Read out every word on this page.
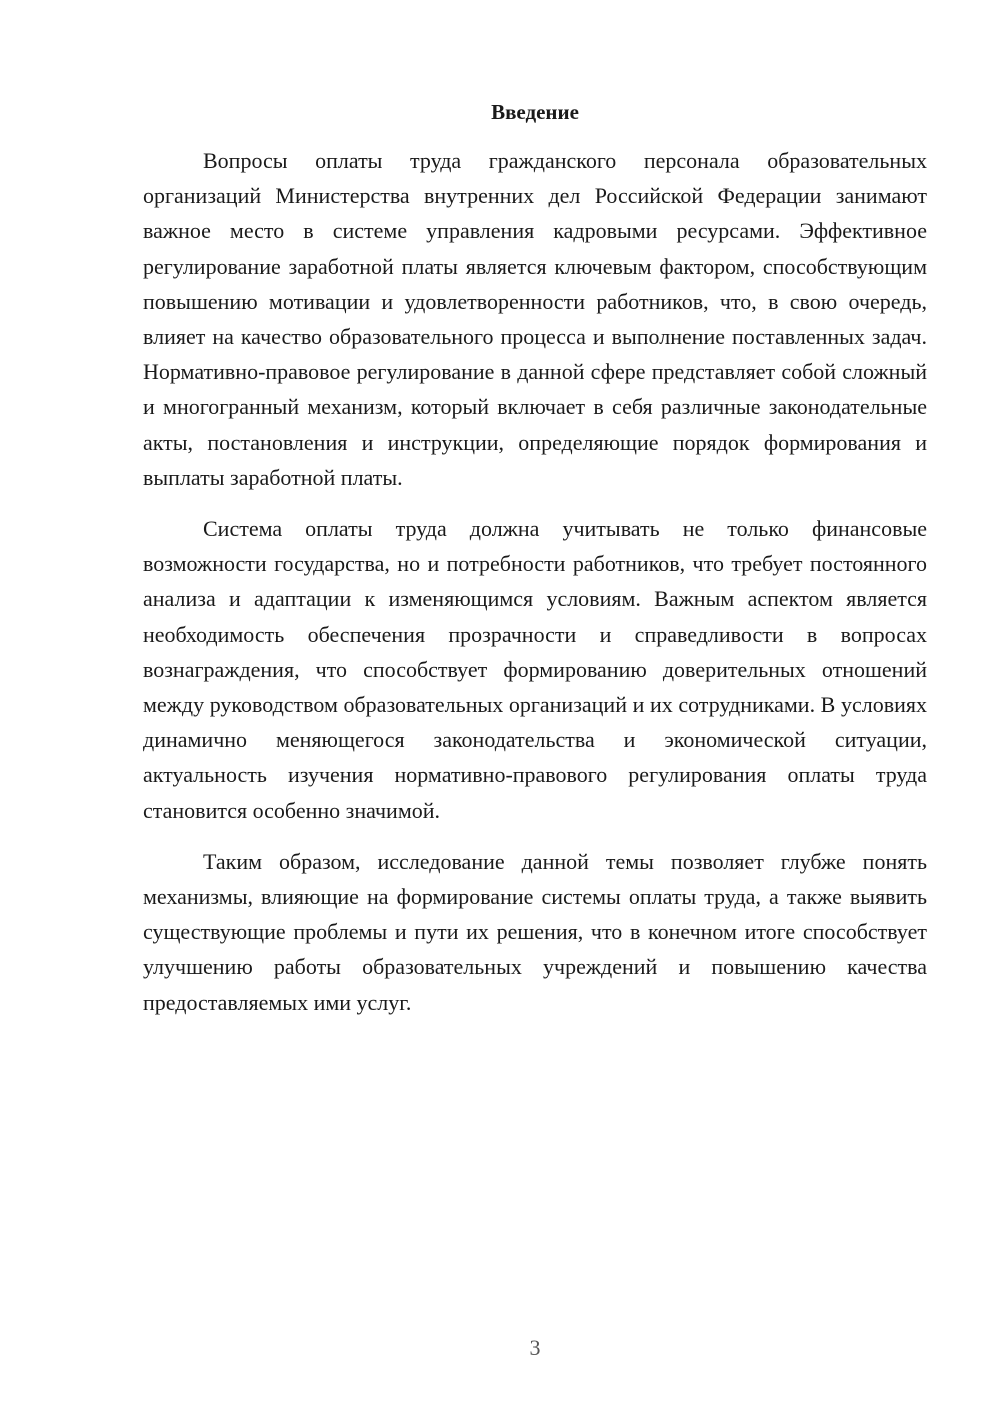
Введение

Вопросы оплаты труда гражданского персонала образовательных организаций Министерства внутренних дел Российской Федерации занимают важное место в системе управления кадровыми ресурсами. Эффективное регулирование заработной платы является ключевым фактором, способствующим повышению мотивации и удовлетворенности работников, что, в свою очередь, влияет на качество образовательного процесса и выполнение поставленных задач. Нормативно-правовое регулирование в данной сфере представляет собой сложный и многогранный механизм, который включает в себя различные законодательные акты, постановления и инструкции, определяющие порядок формирования и выплаты заработной платы.

Система оплаты труда должна учитывать не только финансовые возможности государства, но и потребности работников, что требует постоянного анализа и адаптации к изменяющимся условиям. Важным аспектом является необходимость обеспечения прозрачности и справедливости в вопросах вознаграждения, что способствует формированию доверительных отношений между руководством образовательных организаций и их сотрудниками. В условиях динамично меняющегося законодательства и экономической ситуации, актуальность изучения нормативно-правового регулирования оплаты труда становится особенно значимой.

Таким образом, исследование данной темы позволяет глубже понять механизмы, влияющие на формирование системы оплаты труда, а также выявить существующие проблемы и пути их решения, что в конечном итоге способствует улучшению работы образовательных учреждений и повышению качества предоставляемых ими услуг.

3
